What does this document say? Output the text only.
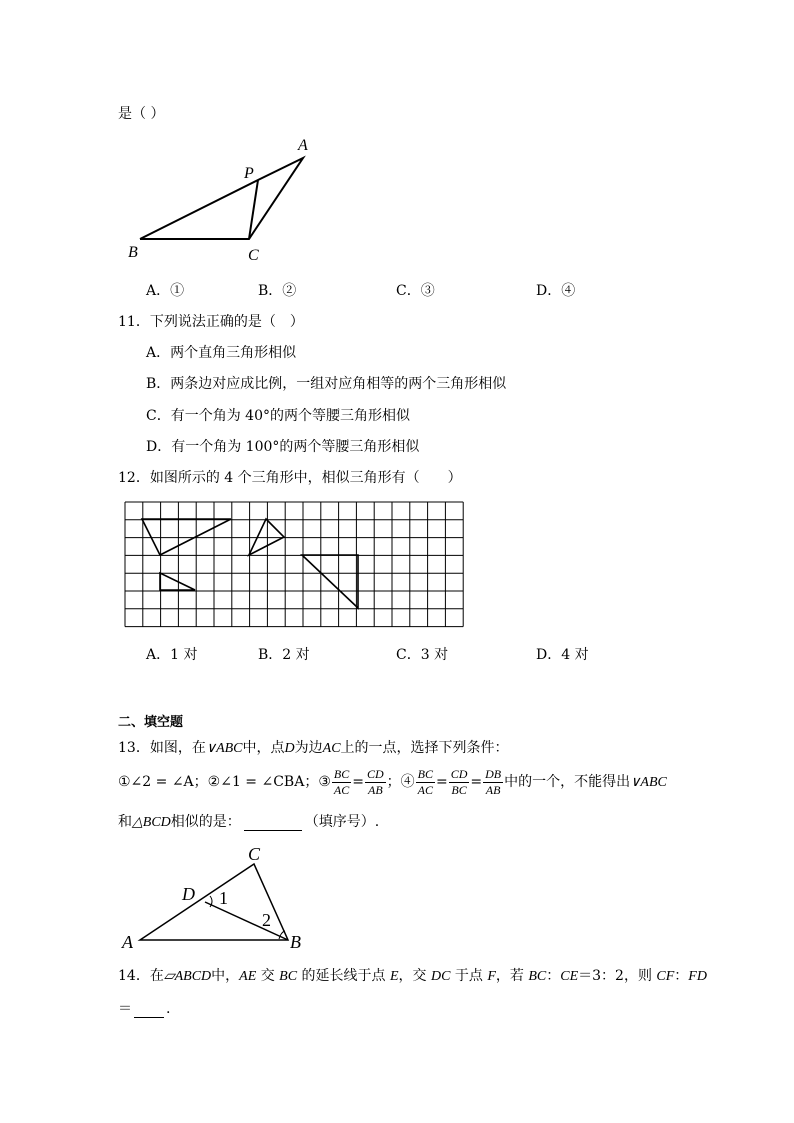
是（ ）
A
P
B	C
A．①	B．②	C．③	D．④
11．下列说法正确的是（　）
A．两个直角三角形相似
B．两条边对应成比例，一组对应角相等的两个三角形相似
C．有一个角为 40°的两个等腰三角形相似
D．有一个角为 100°的两个等腰三角形相似
12．如图所示的 4 个三角形中，相似三角形有（　　）
A．1 对	B．2 对	C．3 对	D．4 对
二、填空题
13．如图，在∨ABC中，点D为边AC上的一点，选择下列条件：
①∠2 = ∠A；②∠1 = ∠CBA；③ $\frac{BC}{AC} = \frac{CD}{AB}$ ；④ $\frac{BC}{AC} = \frac{CD}{BC} = \frac{DB}{AB}$ 中的一个，不能得出∨ABC
和△BCD相似的是：	（填序号）.
C
D 1
2
A	B
14．在▱ABCD中，AE 交 BC 的延长线于点 E，交 DC 于点 F，若 BC：CE＝3：2，则 CF：FD
＝ .
